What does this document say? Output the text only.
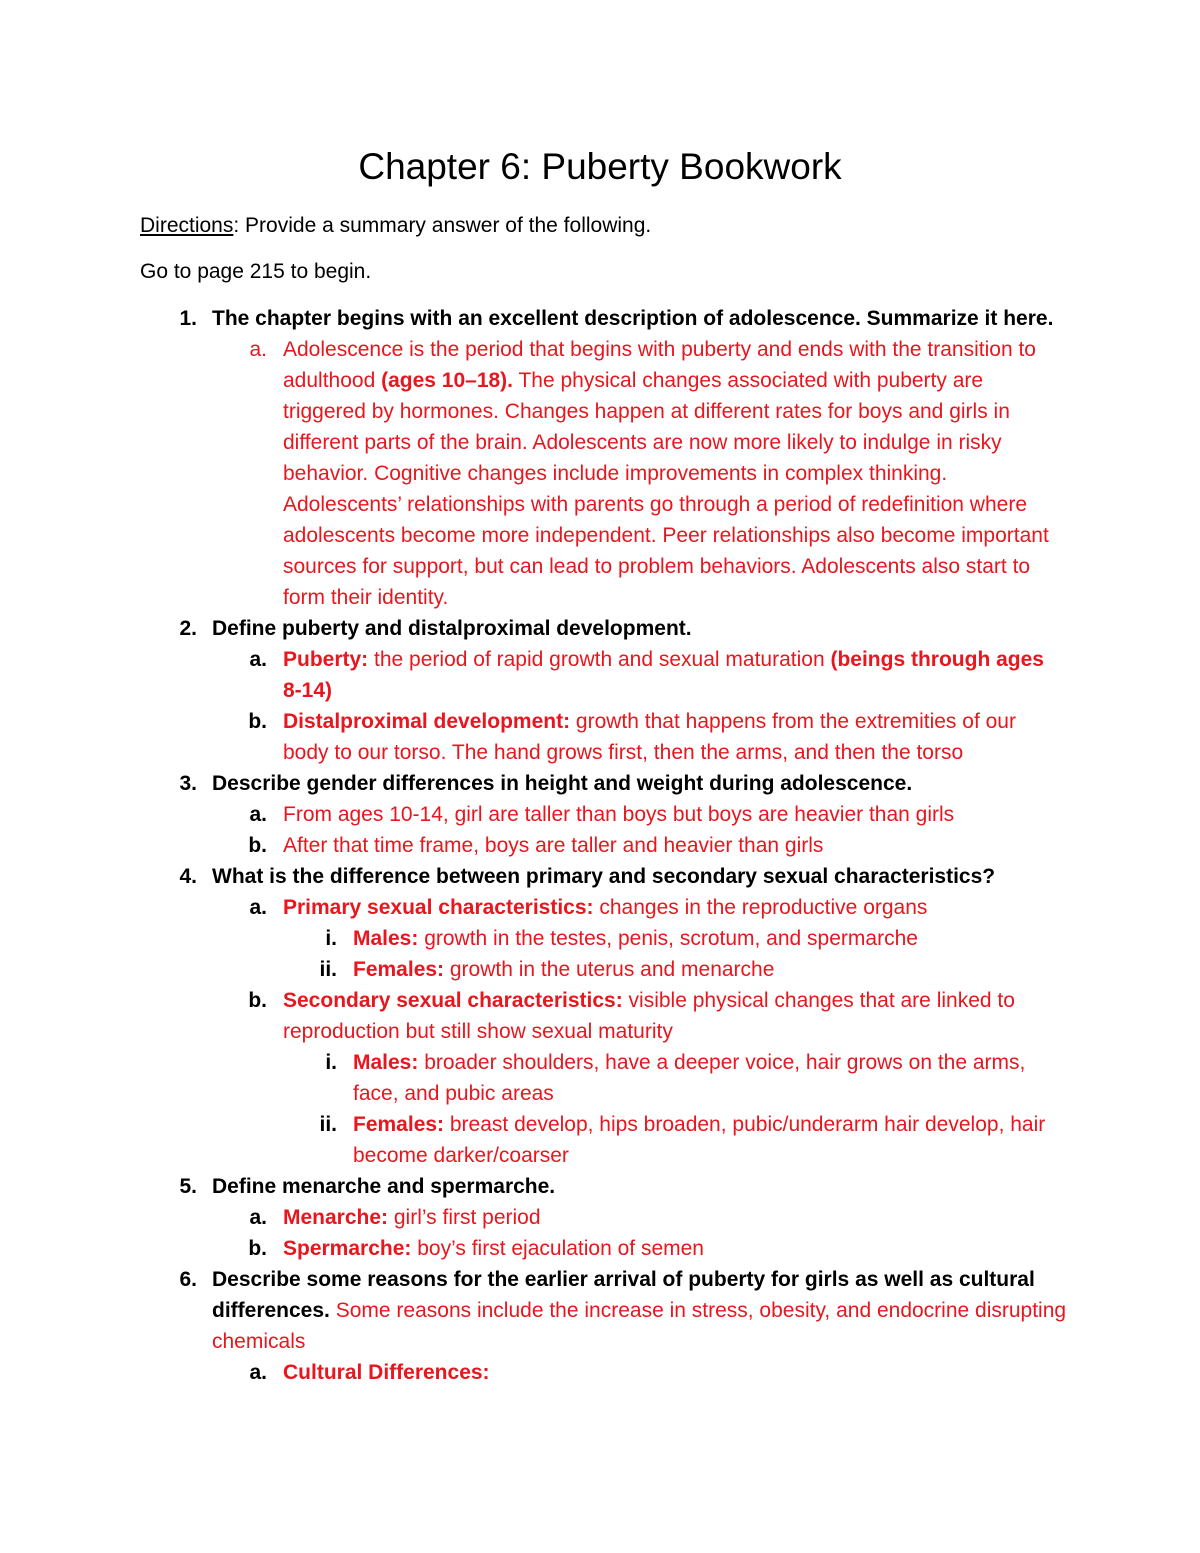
Chapter 6: Puberty Bookwork

Directions: Provide a summary answer of the following.

Go to page 215 to begin.

1. The chapter begins with an excellent description of adolescence. Summarize it here.
a. Adolescence is the period that begins with puberty and ends with the transition to adulthood (ages 10–18). The physical changes associated with puberty are triggered by hormones. Changes happen at different rates for boys and girls in different parts of the brain. Adolescents are now more likely to indulge in risky behavior. Cognitive changes include improvements in complex thinking. Adolescents’ relationships with parents go through a period of redefinition where adolescents become more independent. Peer relationships also become important sources for support, but can lead to problem behaviors. Adolescents also start to form their identity.
2. Define puberty and distalproximal development.
a. Puberty: the period of rapid growth and sexual maturation (beings through ages 8-14)
b. Distalproximal development: growth that happens from the extremities of our body to our torso. The hand grows first, then the arms, and then the torso
3. Describe gender differences in height and weight during adolescence.
a. From ages 10-14, girl are taller than boys but boys are heavier than girls
b. After that time frame, boys are taller and heavier than girls
4. What is the difference between primary and secondary sexual characteristics?
a. Primary sexual characteristics: changes in the reproductive organs
i. Males: growth in the testes, penis, scrotum, and spermarche
ii. Females: growth in the uterus and menarche
b. Secondary sexual characteristics: visible physical changes that are linked to reproduction but still show sexual maturity
i. Males: broader shoulders, have a deeper voice, hair grows on the arms, face, and pubic areas
ii. Females: breast develop, hips broaden, pubic/underarm hair develop, hair become darker/coarser
5. Define menarche and spermarche.
a. Menarche: girl’s first period
b. Spermarche: boy’s first ejaculation of semen
6. Describe some reasons for the earlier arrival of puberty for girls as well as cultural differences. Some reasons include the increase in stress, obesity, and endocrine disrupting chemicals
a. Cultural Differences:
